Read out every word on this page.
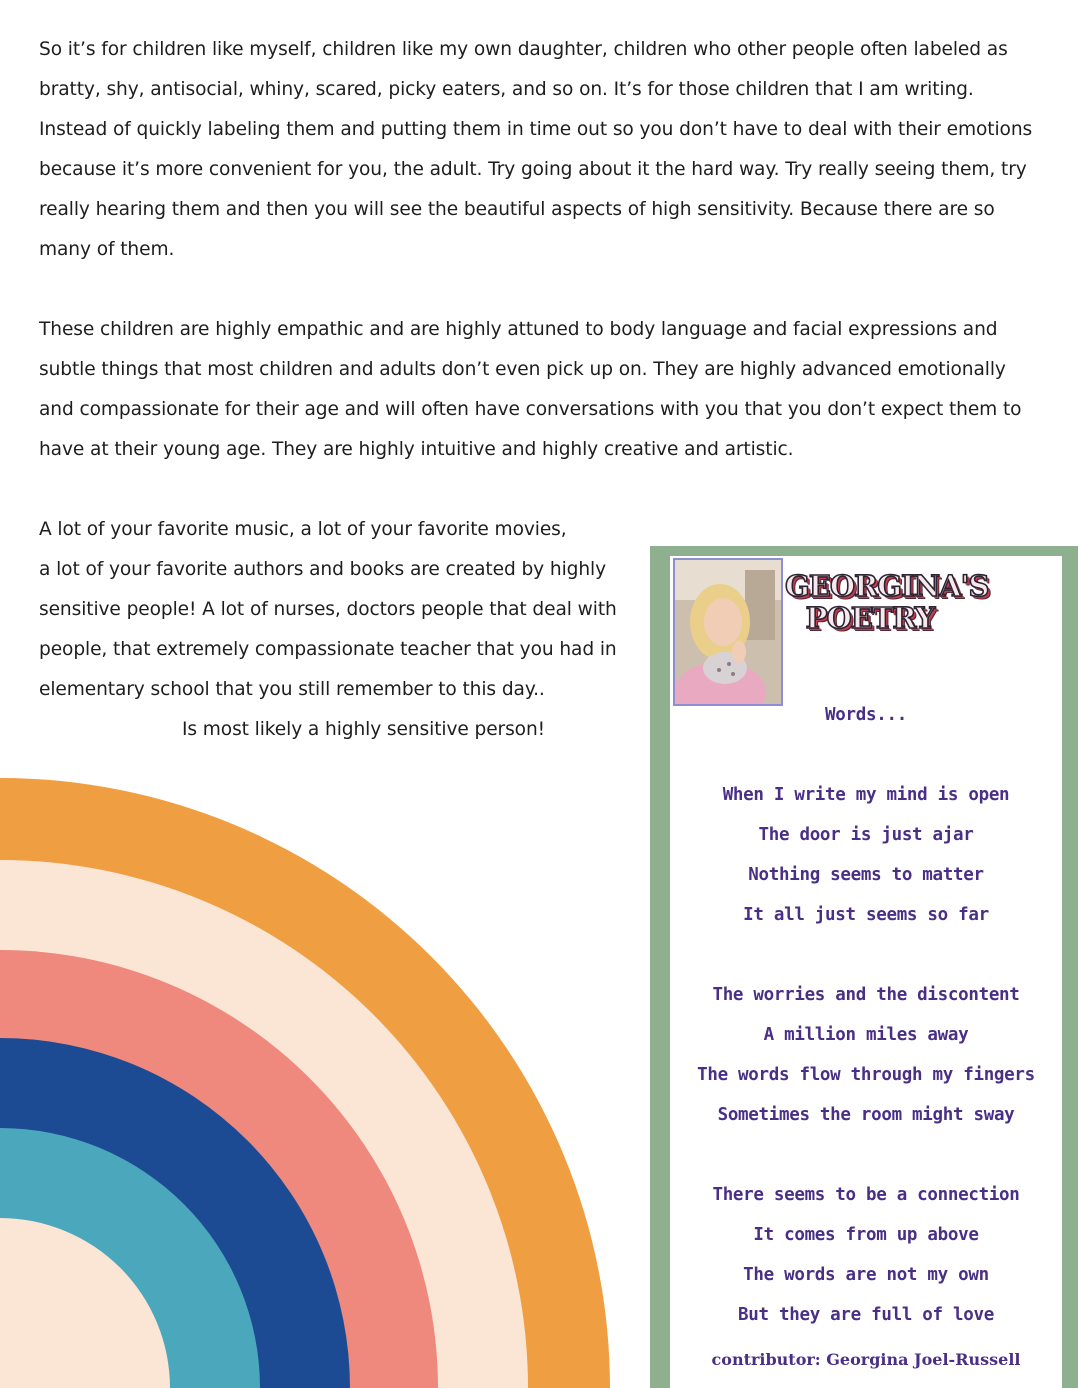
So it’s for children like myself, children like my own daughter, children who other people often labeled as bratty, shy, antisocial, whiny, scared, picky eaters, and so on. It’s for those children that I am writing. Instead of quickly labeling them and putting them in time out so you don’t have to deal with their emotions because it’s more convenient for you, the adult. Try going about it the hard way. Try really seeing them, try really hearing them and then you will see the beautiful aspects of high sensitivity. Because there are so many of them.

These children are highly empathic and are highly attuned to body language and facial expressions and subtle things that most children and adults don’t even pick up on. They are highly advanced emotionally and compassionate for their age and will often have conversations with you that you don’t expect them to have at their young age. They are highly intuitive and highly creative and artistic.

A lot of your favorite music, a lot of your favorite movies,
a lot of your favorite authors and books are created by highly
sensitive people! A lot of nurses, doctors people that deal with
people, that extremely compassionate teacher that you had in
elementary school that you still remember to this day..
Is most likely a highly sensitive person!

GEORGINA'S
POETRY

Words...

When I write my mind is open
The door is just ajar
Nothing seems to matter
It all just seems so far

The worries and the discontent
A million miles away
The words flow through my fingers
Sometimes the room might sway

There seems to be a connection
It comes from up above
The words are not my own
But they are full of love

contributor: Georgina Joel-Russell
